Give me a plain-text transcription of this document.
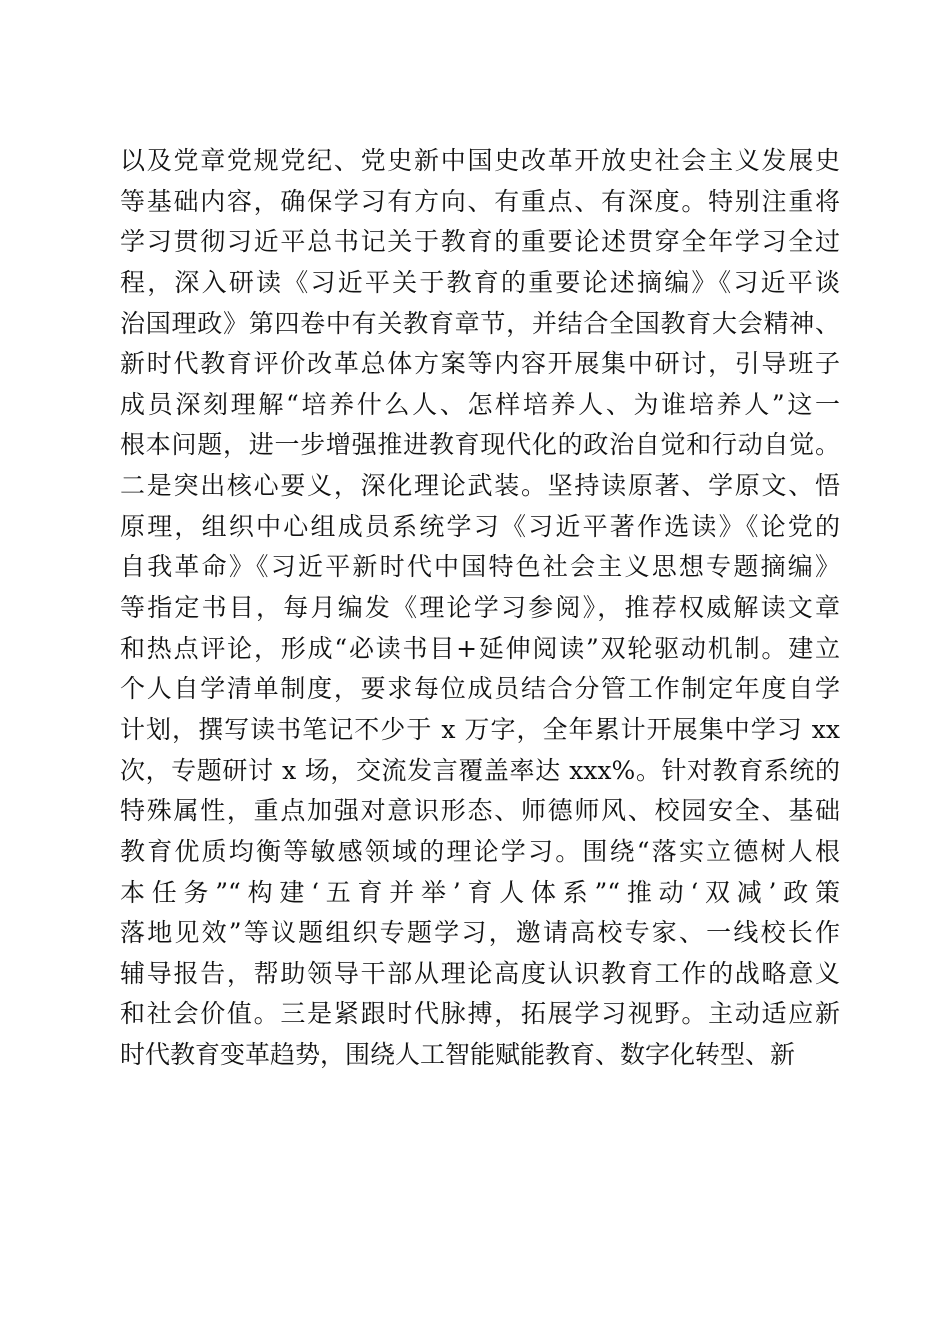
以及党章党规党纪、党史新中国史改革开放史社会主义发展史
等基础内容，确保学习有方向、有重点、有深度。特别注重将
学习贯彻习近平总书记关于教育的重要论述贯穿全年学习全过
程，深入研读《习近平关于教育的重要论述摘编》《习近平谈
治国理政》第四卷中有关教育章节，并结合全国教育大会精神、
新时代教育评价改革总体方案等内容开展集中研讨，引导班子
成员深刻理解“培养什么人、怎样培养人、为谁培养人”这一
根本问题，进一步增强推进教育现代化的政治自觉和行动自觉。
二是突出核心要义，深化理论武装。坚持读原著、学原文、悟
原理，组织中心组成员系统学习《习近平著作选读》《论党的
自我革命》《习近平新时代中国特色社会主义思想专题摘编》
等指定书目，每月编发《理论学习参阅》，推荐权威解读文章
和热点评论，形成“必读书目+延伸阅读”双轮驱动机制。建立
个人自学清单制度，要求每位成员结合分管工作制定年度自学
计划，撰写读书笔记不少于 x 万字，全年累计开展集中学习 xx
次，专题研讨 x 场，交流发言覆盖率达 xxx%。针对教育系统的
特殊属性，重点加强对意识形态、师德师风、校园安全、基础
教育优质均衡等敏感领域的理论学习。围绕“落实立德树人根
本任务”“构建‘五育并举’育人体系”“推动‘双减’政策
落地见效”等议题组织专题学习，邀请高校专家、一线校长作
辅导报告，帮助领导干部从理论高度认识教育工作的战略意义
和社会价值。三是紧跟时代脉搏，拓展学习视野。主动适应新
时代教育变革趋势，围绕人工智能赋能教育、数字化转型、新
